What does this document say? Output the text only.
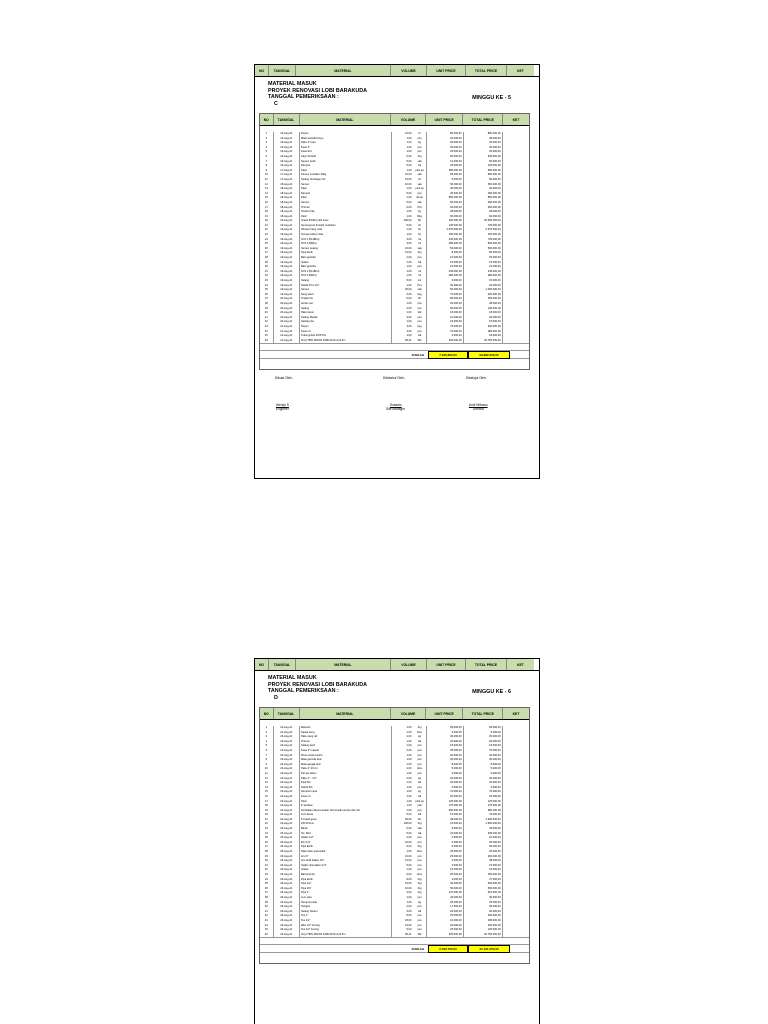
NO	TANGGAL	MATERIAL	VOLUME	UNIT PRICE	TOTAL PRICE	KET
MATERIAL MASUK
PROYEK RENOVASI LOBI BARAKUDA
TANGGAL PEMERIKSAAN :
C
MINGGU KE - 5
NO	TANGGAL	MATERIAL	VOLUME	UNIT PRICE	TOTAL PRICE	KET
1	16-Aug-21	Pupen	10,00	ltr	80.000,00	800.000,00
2	16-Aug-21	Mata Gerinda Kayu	1,00	pcs	24.000,00	48.000,00
3	16-Aug-21	Paku 3" kotu	1,00	kg	25.000,00	25.000,00
4	16-Aug-21	Kuas 3"	1,00	pcs	30.000,00	30.000,00
5	16-Aug-21	Kuas Rol	1,00	pcs	25.000,00	25.000,00
6	16-Aug-21	Kayu 5x2x20	6,00	btg	50.000,00	300.000,00
7	16-Aug-21	Semen putih	5,00	sak	10.000,00	50.000,00
8	16-Aug-21	Dempul	5,00	Kg	25.000,00	125.000,00
9	17-Aug-21	Pasir	1,00	pick-up	380.000,00	380.000,00
10	17-Aug-21	Semen mortalex 40kg	10,00	sak	55.000,00	550.000,00
11	17-Aug-21	Selang Tembaga 4 ltr	10,00	lot	5.000,00	50.000,00
12	18-Aug-21	Semen	10,00	sak	50.000,00	500.000,00
13	18-Aug-21	Pasir	1,00	pick-up	40.000,00	40.000,00
14	18-Aug-21	Dempul	5,00	pcs	30.000,00	150.000,00
15	18-Aug-21	Pasir	1,00	dump	850.000,00	850.000,00
16	18-Aug-21	Semen	5,00	sak	50.000,00	250.000,00
17	18-Aug-21	Thinner	6,00	Pcs	60.000,00	360.000,00
18	18-Aug-21	Scotch brite	1,00	kg	28.000,00	28.000,00
19	18-Aug-21	Pasir	1,00	Rkg	60.000,00	60.000,00
20	19-Aug-21	Granit 60x60 putih susu	160,00	M²	160.000,00	25.600.000,00
21	19-Aug-21	Semengrout fumdok motellum	5,00	lot	145.000,00	725.000,00
22	19-Aug-21	Shower hang rode	1,00	lot	2.675.000,00	2.675.000,00
23	19-Aug-21	Tempat sabun rode	1,00	lot	150.000,00	150.000,00
24	19-Aug-21	NYA 1,5(11Biru)	3,00	rol	245.000,00	735.000,00
25	19-Aug-21	NYA 2,5(Biru)	3,00	rol	280.000,00	840.000,00
26	19-Aug-21	Semen putang	10,00	sak	50.000,00	500.000,00
27	19-Aug-21	Pipa listrik	10,00	btg	8.000,00	80.000,00
28	19-Aug-21	Batu gerinda	2,00	pcs	10.000,00	20.000,00
29	19-Aug-21	Isolasi	1,00	lsk	15.000,00	15.000,00
30	19-Aug-21	Batu gerinda	1,00	pcs	10.000,00	10.000,00
31	19-Aug-21	NYA 1,5(11Biru)	1,00	rol	245.000,00	245.000,00
32	19-Aug-21	NYA 2,5(Biru)	1,00	rol	280.000,00	280.000,00
33	19-Aug-21	Selang	5,00	mtr	3.000,00	15.000,00
34	19-Aug-21	Dekak Pvm 1/2"	1,00	Pcs	30.000,00	30.000,00
35	19-Aug-21	Semen	20,00	sak	50.000,00	1.000.000,00
36	19-Aug-21	Seng sekrv	6,00	kpg	70.000,00	420.000,00
37	20-Aug-21	Triplek 6m	5,00	lbr	85.000,00	255.000,00
38	20-Aug-21	Amber set	1,00	pcs	20.000,00	28.000,00
39	20-Aug-21	Selang	2,00	pcs	65.000,00	130.000,00
40	20-Aug-21	Paku beton	1,00	ktk	18.000,00	18.000,00
41	20-Aug-21	Selang Plastik	3,00	pcs	10.000,00	30.000,00
42	20-Aug-21	Selotip pita	1,00	pcs	15.000,00	15.000,00
43	21-Aug-21	Pupen	4,00	kpg	75.000,00	300.000,00
44	21-Aug-21	Kuas rol	4,00	pcs	70.000,00	280.000,00
45	21-Aug-21	Tukungzdue DOP 5/4	1,00	lsk	3.000,00	18.000,00
46	21-Aug-21	Vinyl TIPE WOOD 3A86 90.6mm/3.5m	95,21	M2	325.000,00	32.756.250,00
JUMLAH	7.166.800,00	69.892.250,00
Dibuat Oleh,	Diketahui Oleh,	Disetujui Oleh,
Wendy S
Engineer
Susanto
Site Manager
Andi Wibowo
Director
NO	TANGGAL	MATERIAL	VOLUME	UNIT PRICE	TOTAL PRICE	KET
MATERIAL MASUK
PROYEK RENOVASI LOBI BARAKUDA
TANGGAL PEMERIKSAAN :
D
MINGGU KE - 6
NO	TANGGAL	MATERIAL	VOLUME	UNIT PRICE	TOTAL PRICE	KET
1	22-Aug-21	Meteran	1,00	btg	65.000,00	65.000,00
2	22-Aug-21	Kawat seng	1,00	klos	5.000,00	5.000,00
3	23-Aug-21	Paku seng ulir	1,00	kg	30.000,00	30.000,00
4	23-Aug-21	Thinner	1,00	lsk	20.000,00	20.000,00
5	23-Aug-21	Selang kecil	1,00	pcs	15.000,00	15.000,00
6	23-Aug-21	Kuas 3" masuki	2,00	pcs	35.000,00	70.000,00
7	23-Aug-21	Plusu untuk tumbu	1,00	pcs	20.000,00	20.000,00
8	23-Aug-21	Mata gerinda besi	1,00	pcs	30.000,00	30.000,00
9	23-Aug-21	Mata gergaji besi	1,00	pcs	8.000,00	8.000,00
10	23-Aug-21	Paku 2" 20 cm	1,00	klos	5.000,00	5.000,00
11	23-Aug-21	Pel set selem	1,00	pcs	6.000,00	6.000,00
12	23-Aug-21	Paku 2" - 2,5"	2,00	kg	20.000,00	40.000,00
13	23-Aug-21	Pipa 5/4	1,00	lsk	22.000,00	22.000,00
14	23-Aug-21	Sok/el 5/4	1,00	pcs	3.000,00	3.000,00
15	23-Aug-21	Dempul impra	1,00	kg	70.000,00	70.000,00
16	23-Aug-21	Kuas rol	1,00	lsk	20.000,00	20.000,00
17	23-Aug-21	Pasir	1,00	pick-up	125.000,00	125.000,00
18	23-Aug-21	P. window	1,00	pail	175.000,00	175.000,00
19	24-Aug-21	Perbaikan daurna skater 02 komplit service dan sbr	1,00	pcs	950.000,00	950.000,00
20	24-Aug-21	Lem keras	5,00	lsk	15.000,00	75.000,00
21	24-Aug-21	K board gesa	60,00	lbr	49.000,00	2.940.000,00
22	24-Aug-21	P.B 30 kms	100,00	btg	15.000,00	1.500.000,00
23	25-Aug-21	Baran	5,00	sak	9.000,00	45.000,00
24	25-Aug-21	SC. Bod	5,00	lsk	41.000,00	205.000,00
25	25-Aug-21	Solder 1/2"	2,00	pcs	2.500,00	10.000,00
26	25-Aug-21	Elm 1/2"	10,00	pcs	2.500,00	25.000,00
27	25-Aug-21	Pipa listrik	6,00	btg	9.000,00	50.000,00
28	25-Aug-21	Paku klem pipa listrik	1,00	klos	25.000,00	25.000,00
29	26-Aug-21	Lbu 3"	12,00	pcs	25.000,00	300.000,00
30	26-Aug-21	Lbu draft dalam 1/2"	12,00	pcs	4.000,00	48.000,00
31	26-Aug-21	Solder drat dalam 1/2"	5,00	pcs	3.000,00	15.000,00
32	26-Aug-21	Isolasi	1,00	pcs	15.000,00	15.000,00
33	26-Aug-21	Bal konprok	6,00	klos	25.000,00	150.000,00
34	26-Aug-21	Pipa listrik	9,00	btg	3.000,00	27.000,00
35	26-Aug-21	Pipa 1/2"	10,00	btg	40.000,00	400.000,00
36	26-Aug-21	Pipa 3/4"	10,00	btg	50.000,00	500.000,00
37	26-Aug-21	Pipa 1"	3,00	btg	170.000,00	510.000,00
38	26-Aug-21	Lem pipa	1,00	pcs	40.000,00	40.000,00
39	26-Aug-21	Dempul putan	1,00	kg	25.000,00	25.000,00
40	26-Aug-21	Tangkul	2,00	pcs	17.500,00	35.000,00
41	26-Aug-21	Selang Tanam	3,00	lsk	20.000,00	60.000,00
42	26-Aug-21	Tee 1"	8,00	pcs	25.000,00	200.000,00
43	26-Aug-21	Tee 1/2"	18,00	pcs	10.000,00	180.000,00
44	26-Aug-21	Elbo 1/2" kuning	13,00	pcs	20.000,00	260.000,00
45	26-Aug-21	Tee 1/2" kuning	5,00	pcs	25.000,00	125.000,00
46	26-Aug-21	Vinyl TIPE WOOD 3A86 90.6mm/3.5m	95,21	M2	325.000,00	32.756.250,00
JUMLAH	2.039.700,00	31.101.250,00
